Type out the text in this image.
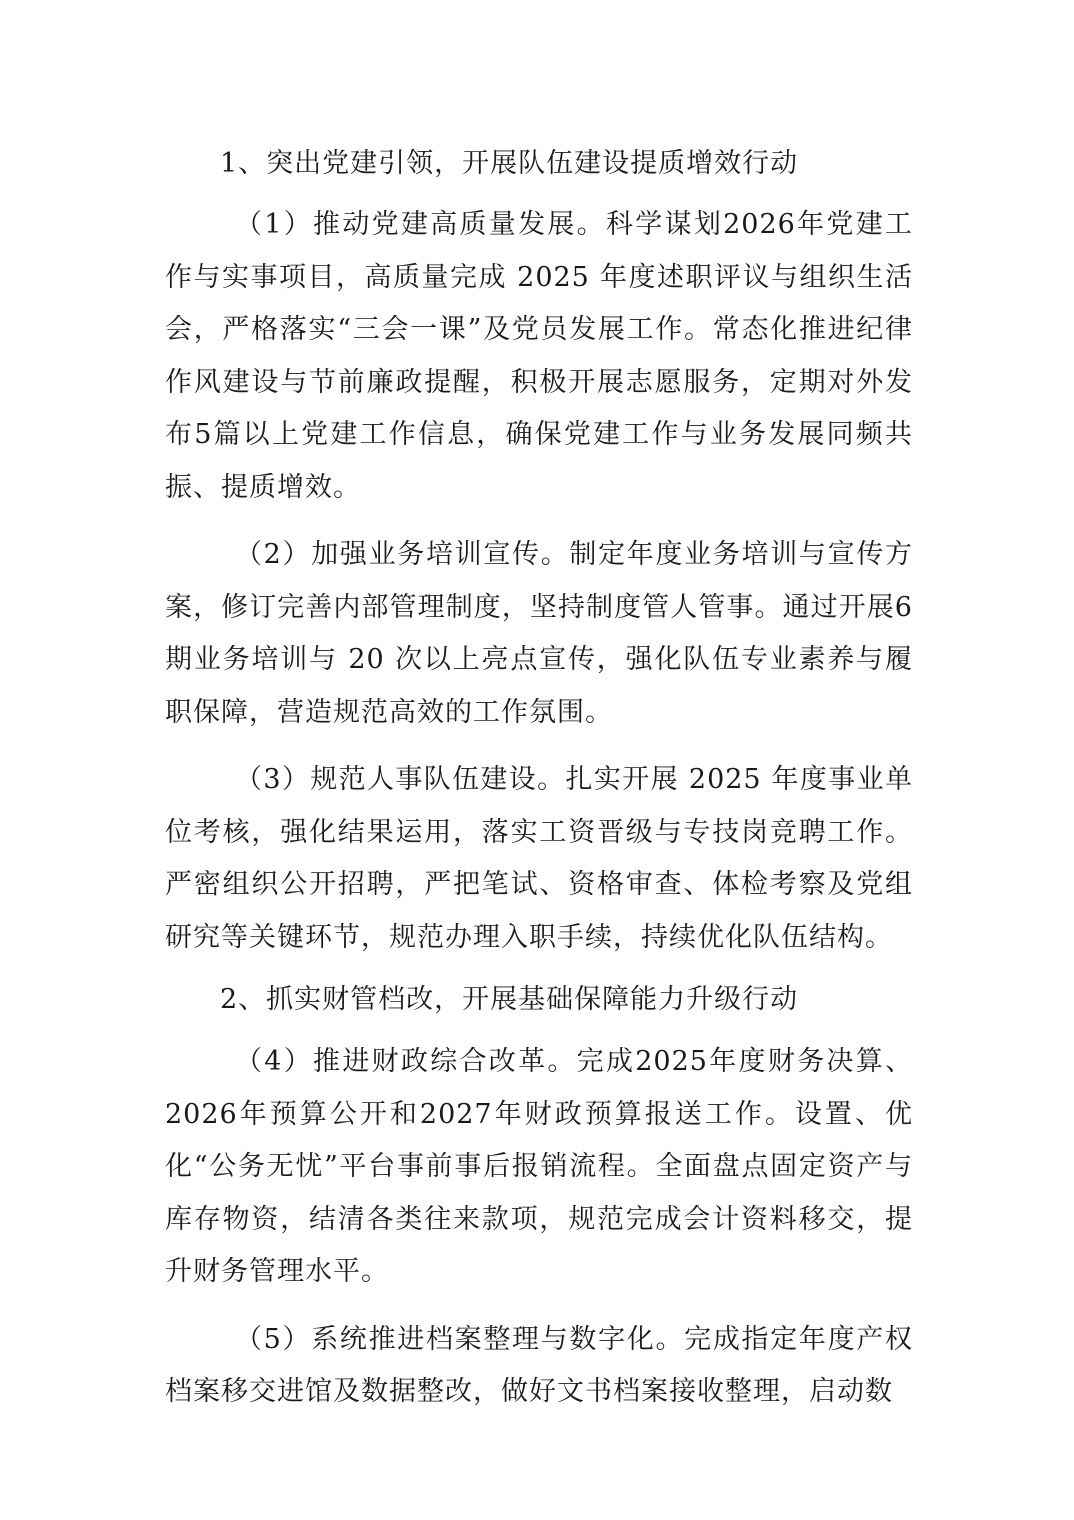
1、突出党建引领，开展队伍建设提质增效行动

（1）推动党建高质量发展。科学谋划2026年党建工作与实事项目，高质量完成 2025 年度述职评议与组织生活会，严格落实“三会一课”及党员发展工作。常态化推进纪律作风建设与节前廉政提醒，积极开展志愿服务，定期对外发布5篇以上党建工作信息，确保党建工作与业务发展同频共振、提质增效。

（2）加强业务培训宣传。制定年度业务培训与宣传方案，修订完善内部管理制度，坚持制度管人管事。通过开展6 期业务培训与 20 次以上亮点宣传，强化队伍专业素养与履职保障，营造规范高效的工作氛围。

（3）规范人事队伍建设。扎实开展 2025 年度事业单位考核，强化结果运用，落实工资晋级与专技岗竞聘工作。严密组织公开招聘，严把笔试、资格审查、体检考察及党组研究等关键环节，规范办理入职手续，持续优化队伍结构。

2、抓实财管档改，开展基础保障能力升级行动

（4）推进财政综合改革。完成2025年度财务决算、2026年预算公开和2027年财政预算报送工作。设置、优化“公务无忧”平台事前事后报销流程。全面盘点固定资产与库存物资，结清各类往来款项，规范完成会计资料移交，提升财务管理水平。

（5）系统推进档案整理与数字化。完成指定年度产权档案移交进馆及数据整改，做好文书档案接收整理，启动数
